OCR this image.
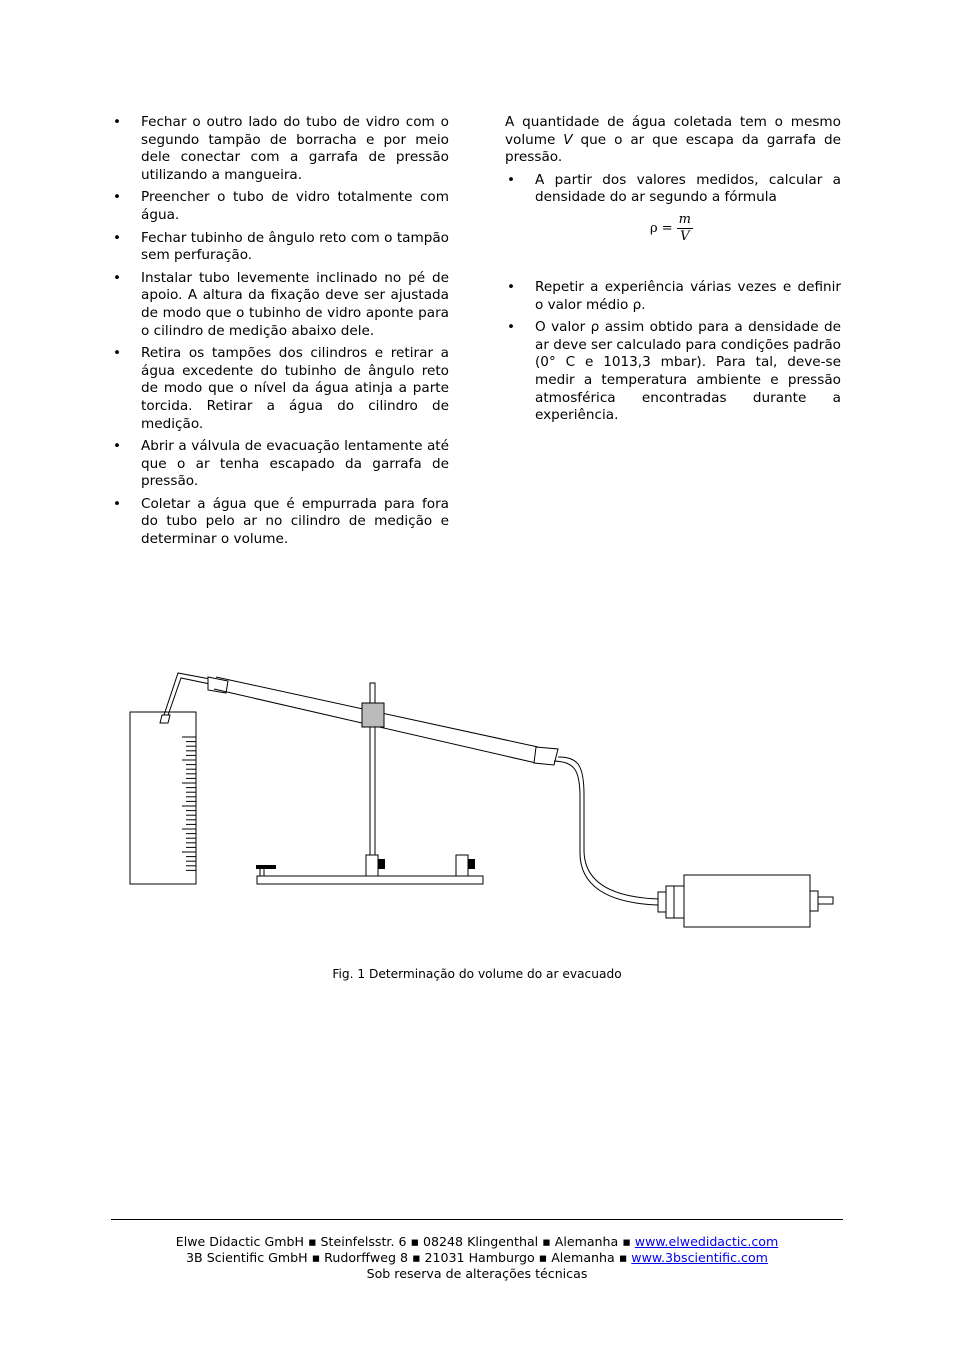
• Fechar o outro lado do tubo de vidro com o segundo tampão de borracha e por meio dele conectar com a garrafa de pressão utilizando a mangueira.
• Preencher o tubo de vidro totalmente com água.
• Fechar tubinho de ângulo reto com o tampão sem perfuração.
• Instalar tubo levemente inclinado no pé de apoio. A altura da fixação deve ser ajustada de modo que o tubinho de vidro aponte para o cilindro de medição abaixo dele.
• Retira os tampões dos cilindros e retirar a água excedente do tubinho de ângulo reto de modo que o nível da água atinja a parte torcida. Retirar a água do cilindro de medição.
• Abrir a válvula de evacuação lentamente até que o ar tenha escapado da garrafa de pressão.
• Coletar a água que é empurrada para fora do tubo pelo ar no cilindro de medição e determinar o volume.

A quantidade de água coletada tem o mesmo volume V que o ar que escapa da garrafa de pressão.

• A partir dos valores medidos, calcular a densidade do ar segundo a fórmula
$\rho = \frac{m}{V}$
• Repetir a experiência várias vezes e definir o valor médio ρ.
• O valor ρ assim obtido para a densidade de ar deve ser calculado para condições padrão (0° C e 1013,3 mbar). Para tal, deve-se medir a temperatura ambiente e pressão atmosférica encontradas durante a experiência.
Fig. 1 Determinação do volume do ar evacuado
Elwe Didactic GmbH ▪ Steinfelsstr. 6 ▪ 08248 Klingenthal ▪ Alemanha ▪ www.elwedidactic.com
3B Scientific GmbH ▪ Rudorffweg 8 ▪ 21031 Hamburgo ▪ Alemanha ▪ www.3bscientific.com
Sob reserva de alterações técnicas
